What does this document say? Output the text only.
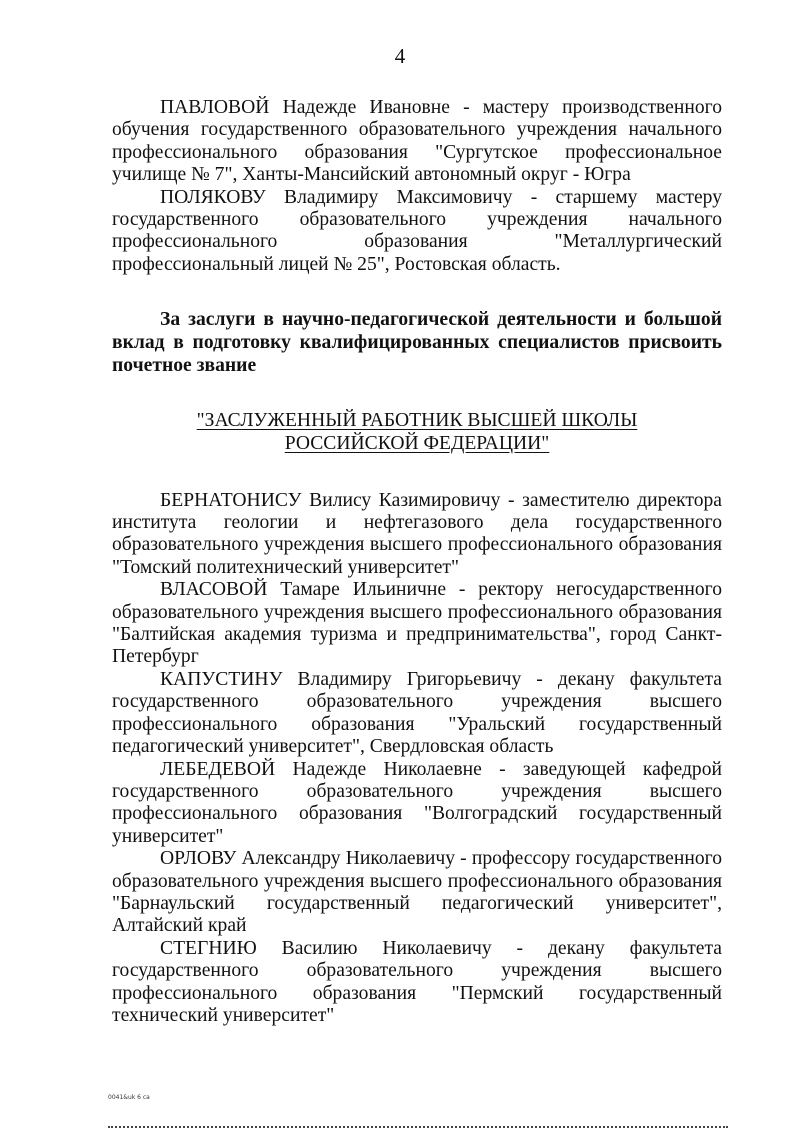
4

ПАВЛОВОЙ Надежде Ивановне - мастеру производственного обучения государственного образовательного учреждения начального профессионального образования "Сургутское профессиональное училище № 7", Ханты-Мансийский автономный округ - Югра

ПОЛЯКОВУ Владимиру Максимовичу - старшему мастеру государственного образовательного учреждения начального профессионального образования "Металлургический профессиональный лицей № 25", Ростовская область.

За заслуги в научно-педагогической деятельности и большой вклад в подготовку квалифицированных специалистов присвоить почетное звание

"ЗАСЛУЖЕННЫЙ РАБОТНИК ВЫСШЕЙ ШКОЛЫ
РОССИЙСКОЙ ФЕДЕРАЦИИ"

БЕРНАТОНИСУ Вилису Казимировичу - заместителю директора института геологии и нефтегазового дела государственного образовательного учреждения высшего профессионального образования "Томский политехнический университет"

ВЛАСОВОЙ Тамаре Ильиничне - ректору негосударственного образовательного учреждения высшего профессионального образования "Балтийская академия туризма и предпринимательства", город Санкт-Петербург

КАПУСТИНУ Владимиру Григорьевичу - декану факультета государственного образовательного учреждения высшего профессионального образования "Уральский государственный педагогический университет", Свердловская область

ЛЕБЕДЕВОЙ Надежде Николаевне - заведующей кафедрой государственного образовательного учреждения высшего профессионального образования "Волгоградский государственный университет"

ОРЛОВУ Александру Николаевичу - профессору государственного образовательного учреждения высшего профессионального образования "Барнаульский государственный педагогический университет", Алтайский край

СТЕГНИЮ Василию Николаевичу - декану факультета государственного образовательного учреждения высшего профессионального образования "Пермский государственный технический университет"

0041&uk 6 ca
